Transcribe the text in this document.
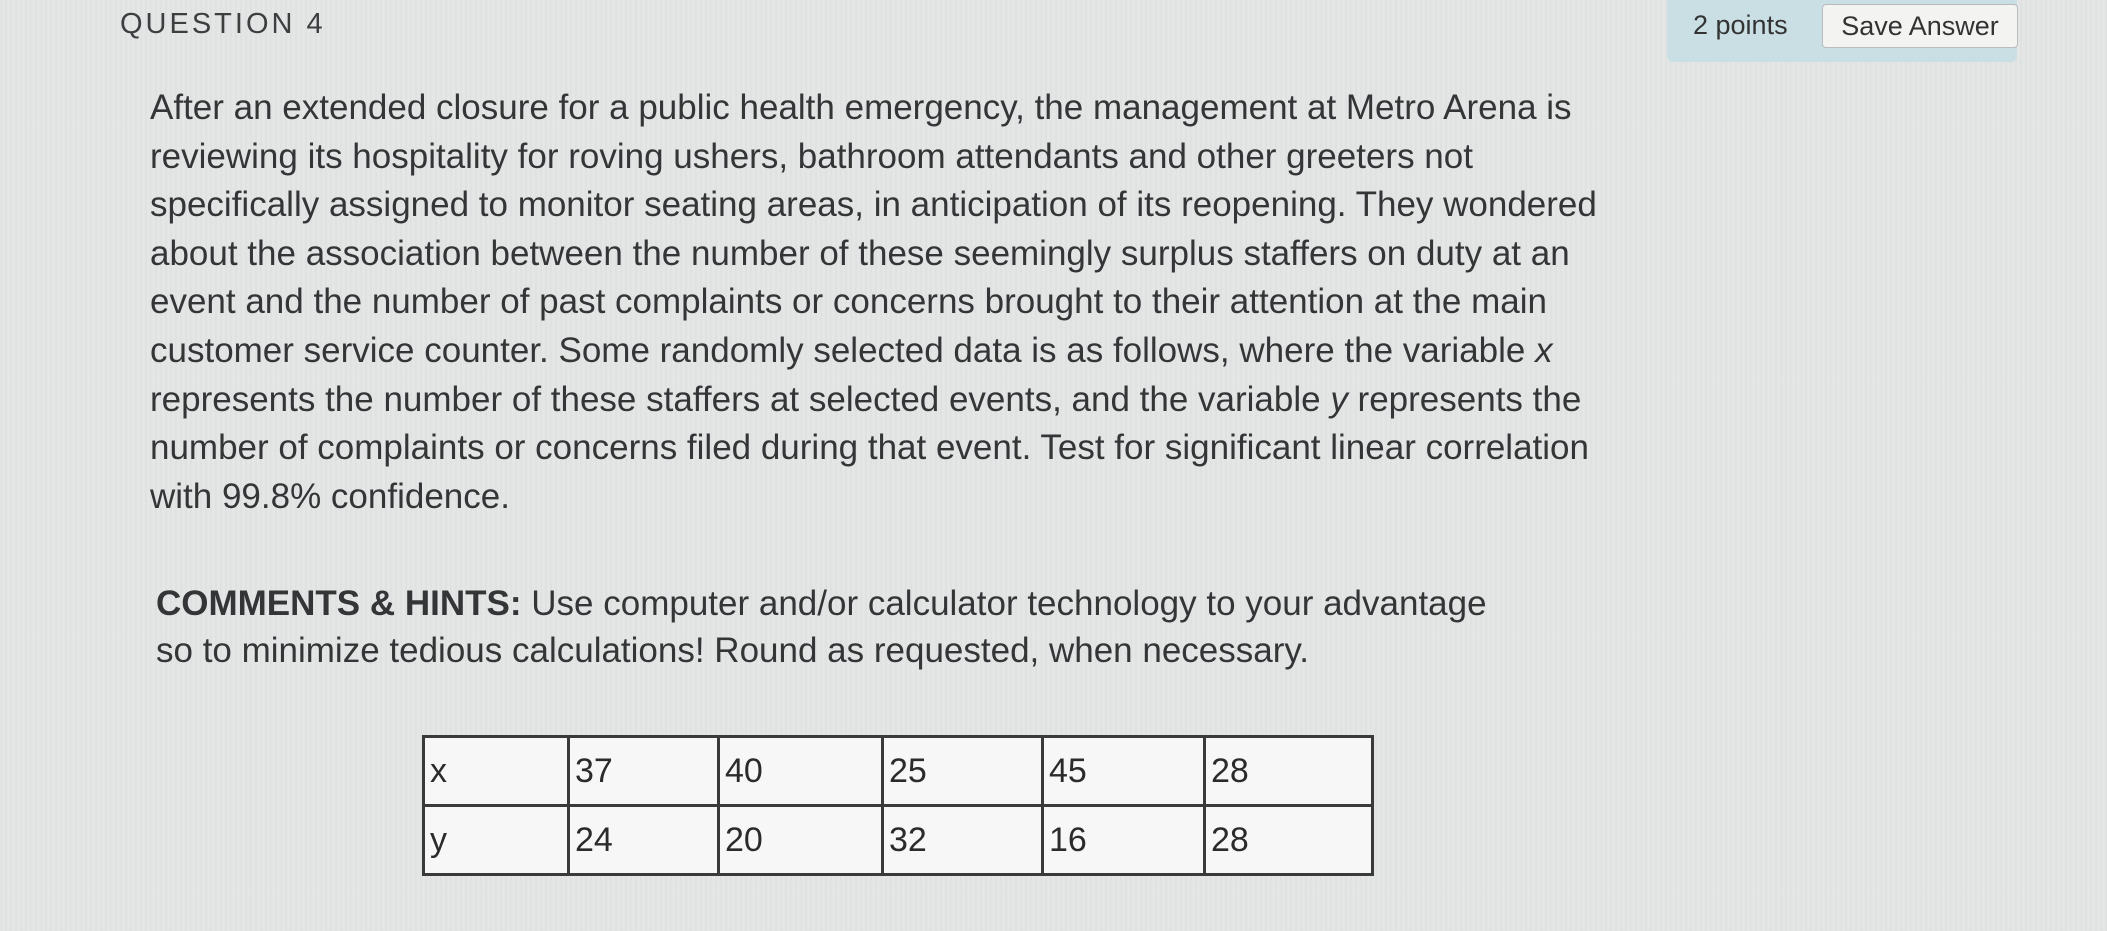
QUESTION 4	2 points	Save Answer

After an extended closure for a public health emergency, the management at Metro Arena is reviewing its hospitality for roving ushers, bathroom attendants and other greeters not specifically assigned to monitor seating areas, in anticipation of its reopening. They wondered about the association between the number of these seemingly surplus staffers on duty at an event and the number of past complaints or concerns brought to their attention at the main customer service counter. Some randomly selected data is as follows, where the variable x represents the number of these staffers at selected events, and the variable y represents the number of complaints or concerns filed during that event. Test for significant linear correlation with 99.8% confidence.

COMMENTS & HINTS: Use computer and/or calculator technology to your advantage so to minimize tedious calculations! Round as requested, when necessary.
x	37	40	25	45	28
y	24	20	32	16	28
